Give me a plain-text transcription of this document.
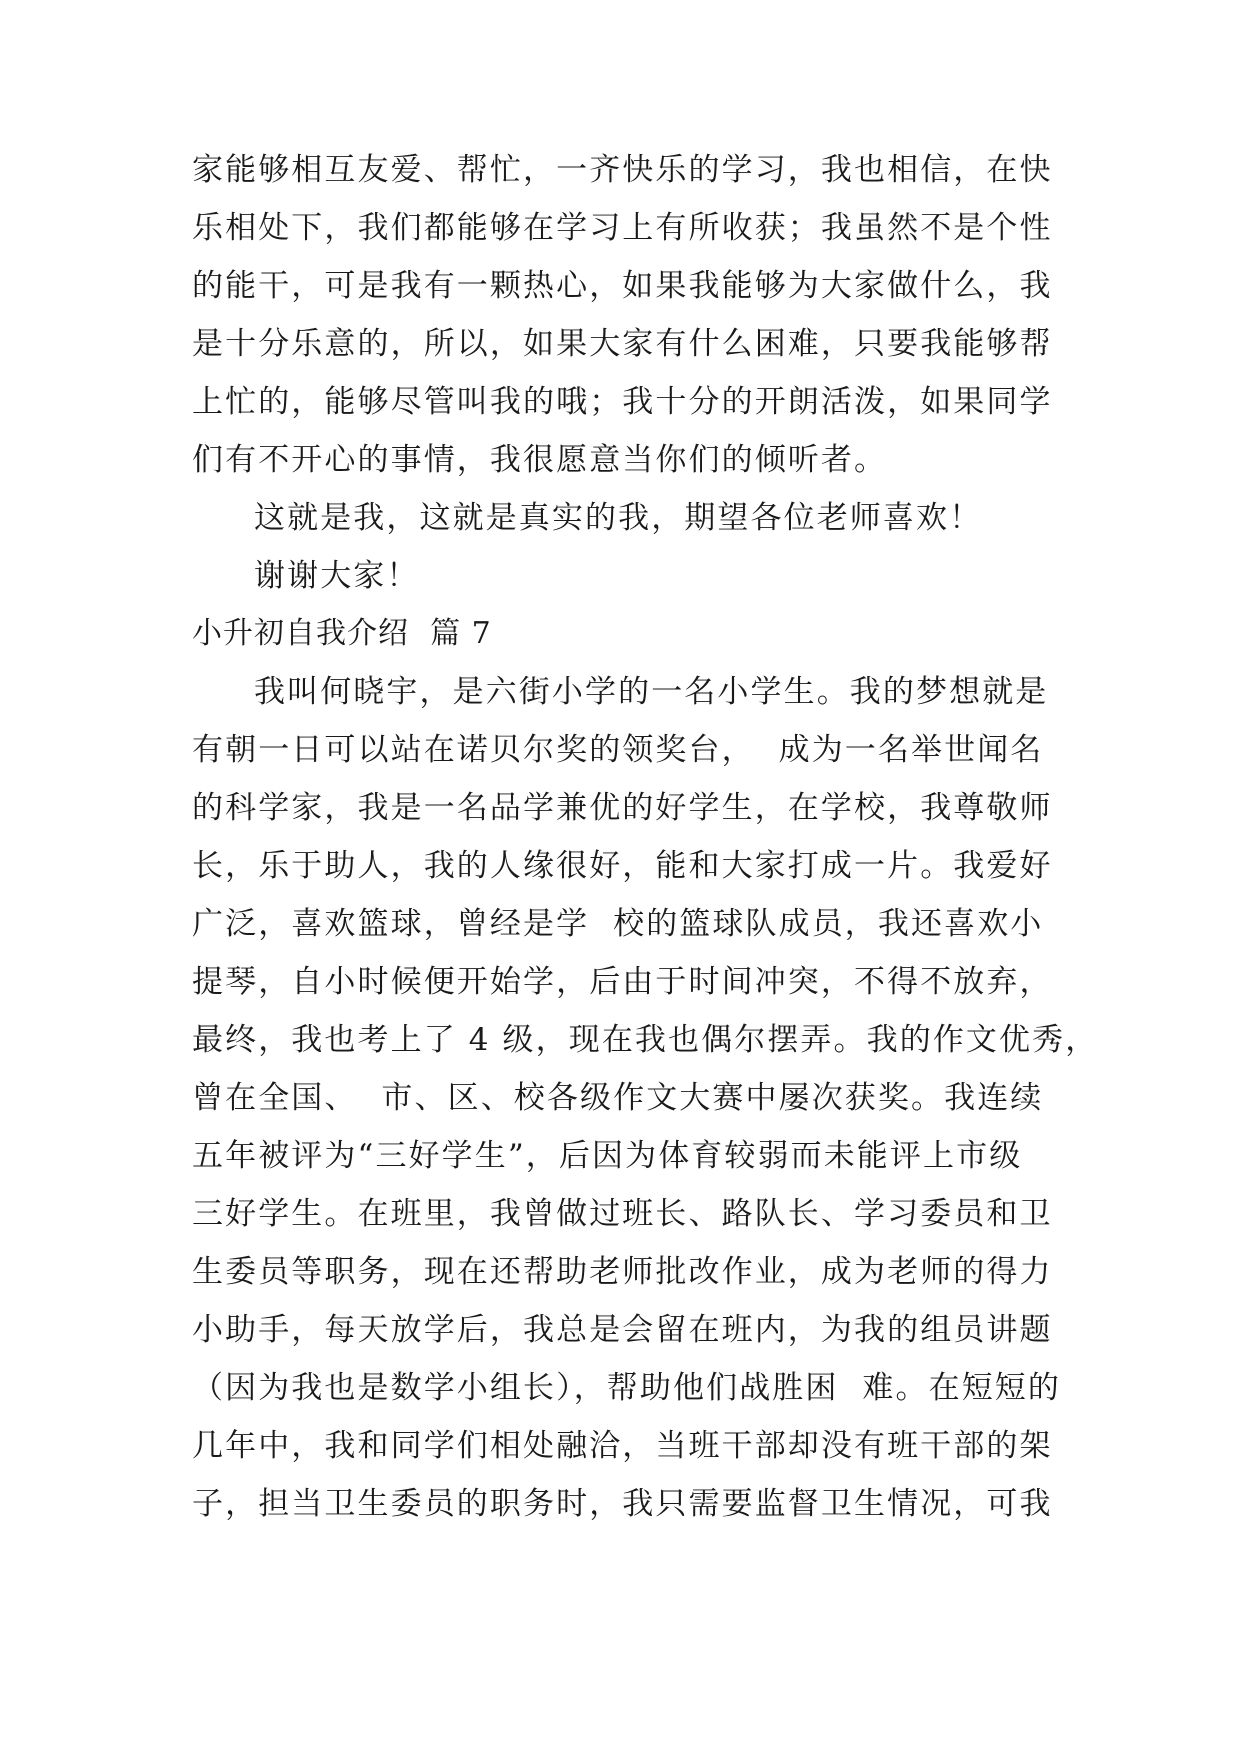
家能够相互友爱、帮忙，一齐快乐的学习，我也相信，在快

乐相处下，我们都能够在学习上有所收获；我虽然不是个性

的能干，可是我有一颗热心，如果我能够为大家做什么，我

是十分乐意的，所以，如果大家有什么困难，只要我能够帮

上忙的，能够尽管叫我的哦；我十分的开朗活泼，如果同学

们有不开心的事情，我很愿意当你们的倾听者。

这就是我，这就是真实的我，期望各位老师喜欢！

谢谢大家！

小升初自我介绍  篇 7

我叫何晓宇，是六街小学的一名小学生。我的梦想就是

有朝一日可以站在诺贝尔奖的领奖台，  成为一名举世闻名

的科学家，我是一名品学兼优的好学生，在学校，我尊敬师

长，乐于助人，我的人缘很好，能和大家打成一片。我爱好

广泛，喜欢篮球，曾经是学  校的篮球队成员，我还喜欢小

提琴，自小时候便开始学，后由于时间冲突，不得不放弃，

最终，我也考上了 4 级，现在我也偶尔摆弄。我的作文优秀，

曾在全国、  市、区、校各级作文大赛中屡次获奖。我连续

五年被评为“三好学生”，后因为体育较弱而未能评上市级

三好学生。在班里，我曾做过班长、路队长、学习委员和卫

生委员等职务，现在还帮助老师批改作业，成为老师的得力

小助手，每天放学后，我总是会留在班内，为我的组员讲题

（因为我也是数学小组长），帮助他们战胜困  难。在短短的

几年中，我和同学们相处融洽，当班干部却没有班干部的架

子，担当卫生委员的职务时，我只需要监督卫生情况，可我
